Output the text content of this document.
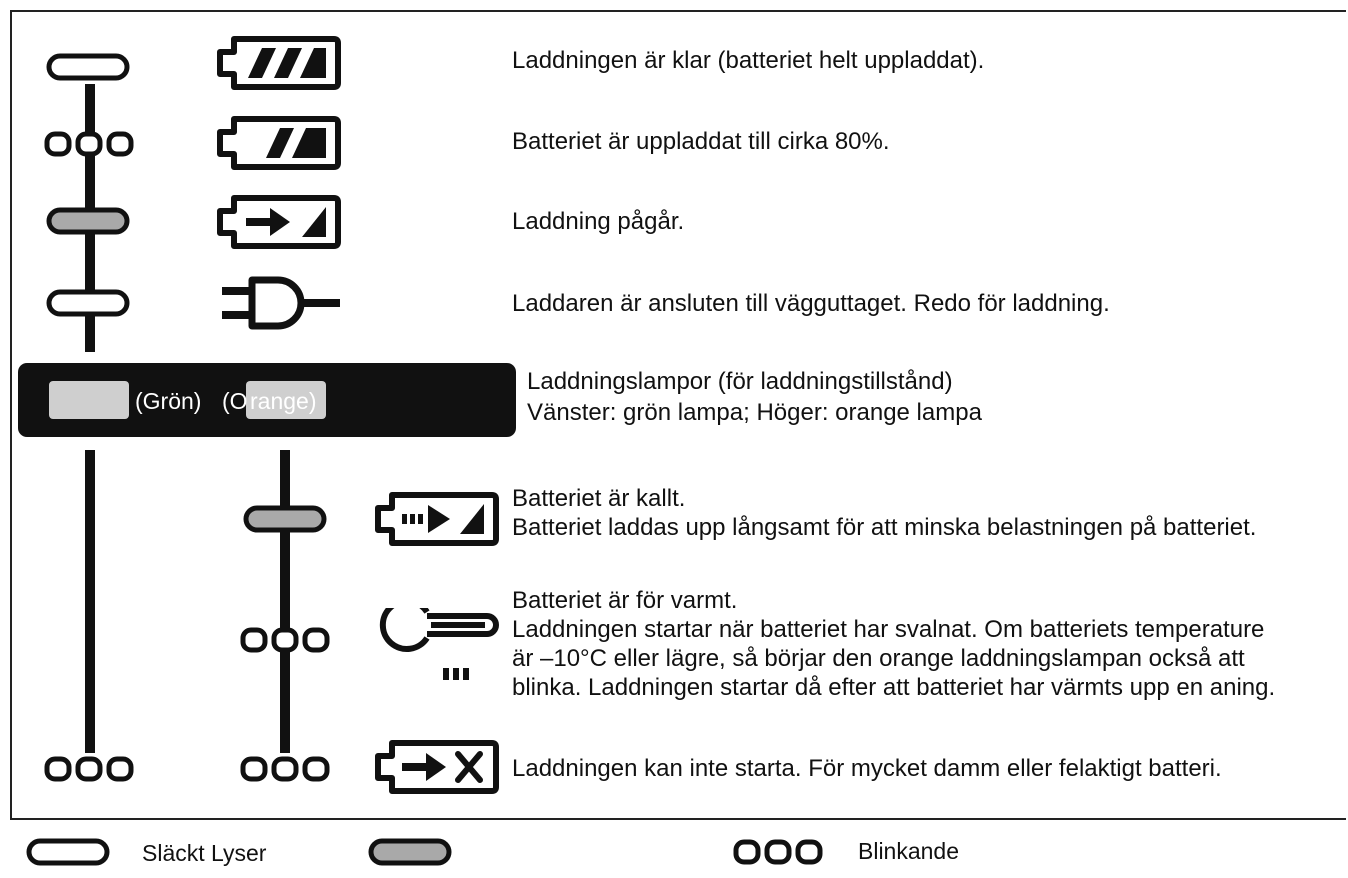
(Grön) (O range)
Laddningslampor (för laddningstillstånd)
Vänster: grön lampa; Höger: orange lampa
Laddningen är klar (batteriet helt uppladdat).
Batteriet är uppladdat till cirka 80%.
Laddning pågår.
Laddaren är ansluten till vägguttaget. Redo för laddning.
Batteriet är kallt.
Batteriet laddas upp långsamt för att minska belastningen på batteriet.
Batteriet är för varmt.
Laddningen startar när batteriet har svalnat. Om batteriets temperature
är –10°C eller lägre, så börjar den orange laddningslampan också att
blinka. Laddningen startar då efter att batteriet har värmts upp en aning.
Laddningen kan inte starta. För mycket damm eller felaktigt batteri.
Släckt Lyser	Blinkande
